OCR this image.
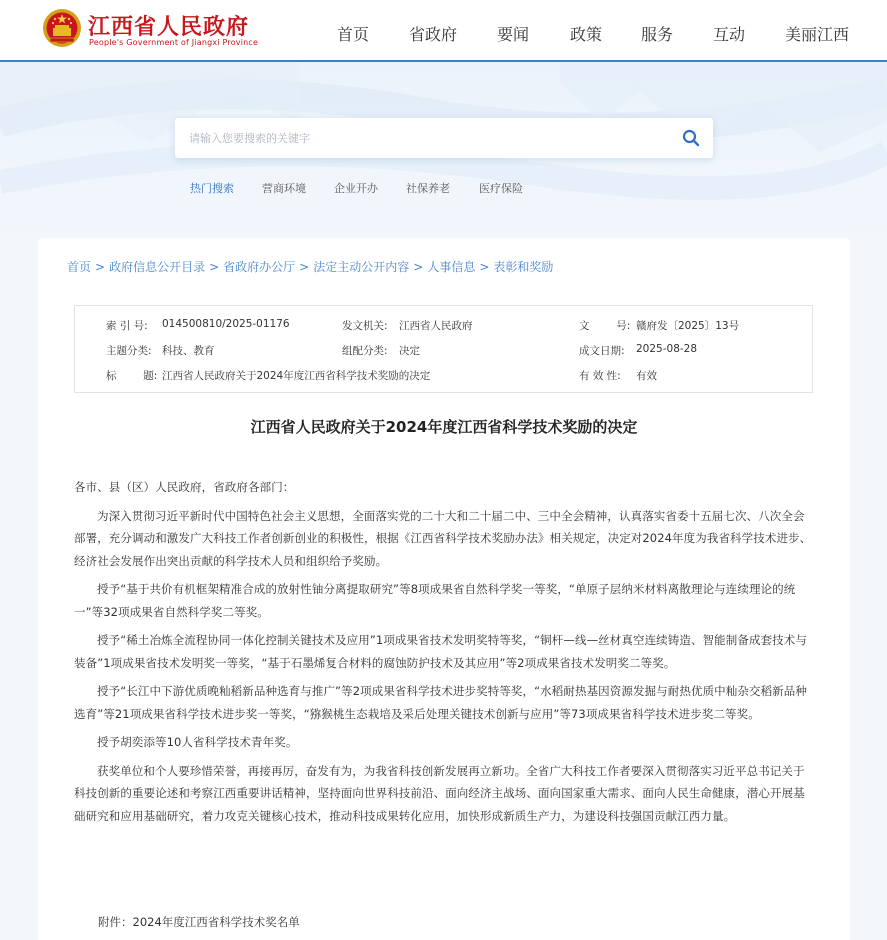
江西省人民政府
People's Government of Jiangxi Province	首页 省政府 要闻	政策 服务 互动 美丽江西
请输入您要搜索的关键字
热门搜索	营商环境	企业开办	社保养老	医疗保险
首页 > 政府信息公开目录 > 省政府办公厅 > 法定主动公开内容 > 人事信息 > 表彰和奖励
索 引 号: 014500810/2025-01176	发文机关: 江西省人民政府	文        号: 赣府发〔2025〕13号
主题分类: 科技、教育	组配分类: 决定	成文日期: 2025-08-28
标        题: 江西省人民政府关于2024年度江西省科学技术奖励的决定	有 效 性: 有效
江西省人民政府关于2024年度江西省科学技术奖励的决定

各市、县（区）人民政府，省政府各部门：

为深入贯彻习近平新时代中国特色社会主义思想，全面落实党的二十大和二十届二中、三中全会精神，认真落实省委十五届七次、八次全会部署，充分调动和激发广大科技工作者创新创业的积极性，根据《江西省科学技术奖励办法》相关规定，决定对2024年度为我省科学技术进步、经济社会发展作出突出贡献的科学技术人员和组织给予奖励。

授予“基于共价有机框架精准合成的放射性铀分离提取研究”等8项成果省自然科学奖一等奖，“单原子层纳米材料离散理论与连续理论的统一”等32项成果省自然科学奖二等奖。

授予“稀土冶炼全流程协同一体化控制关键技术及应用”1项成果省技术发明奖特等奖，“铜杆—线—丝材真空连续铸造、智能制备成套技术与装备”1项成果省技术发明奖一等奖，“基于石墨烯复合材料的腐蚀防护技术及其应用”等2项成果省技术发明奖二等奖。

授予“长江中下游优质晚籼稻新品种选育与推广”等2项成果省科学技术进步奖特等奖，“水稻耐热基因资源发掘与耐热优质中籼杂交稻新品种选育”等21项成果省科学技术进步奖一等奖，“猕猴桃生态栽培及采后处理关键技术创新与应用”等73项成果省科学技术进步奖二等奖。

授予胡奕添等10人省科学技术青年奖。

获奖单位和个人要珍惜荣誉，再接再厉，奋发有为，为我省科技创新发展再立新功。全省广大科技工作者要深入贯彻落实习近平总书记关于科技创新的重要论述和考察江西重要讲话精神，坚持面向世界科技前沿、面向经济主战场、面向国家重大需求、面向人民生命健康，潜心开展基础研究和应用基础研究，着力攻克关键核心技术，推动科技成果转化应用，加快形成新质生产力，为建设科技强国贡献江西力量。

附件：2024年度江西省科学技术奖名单
